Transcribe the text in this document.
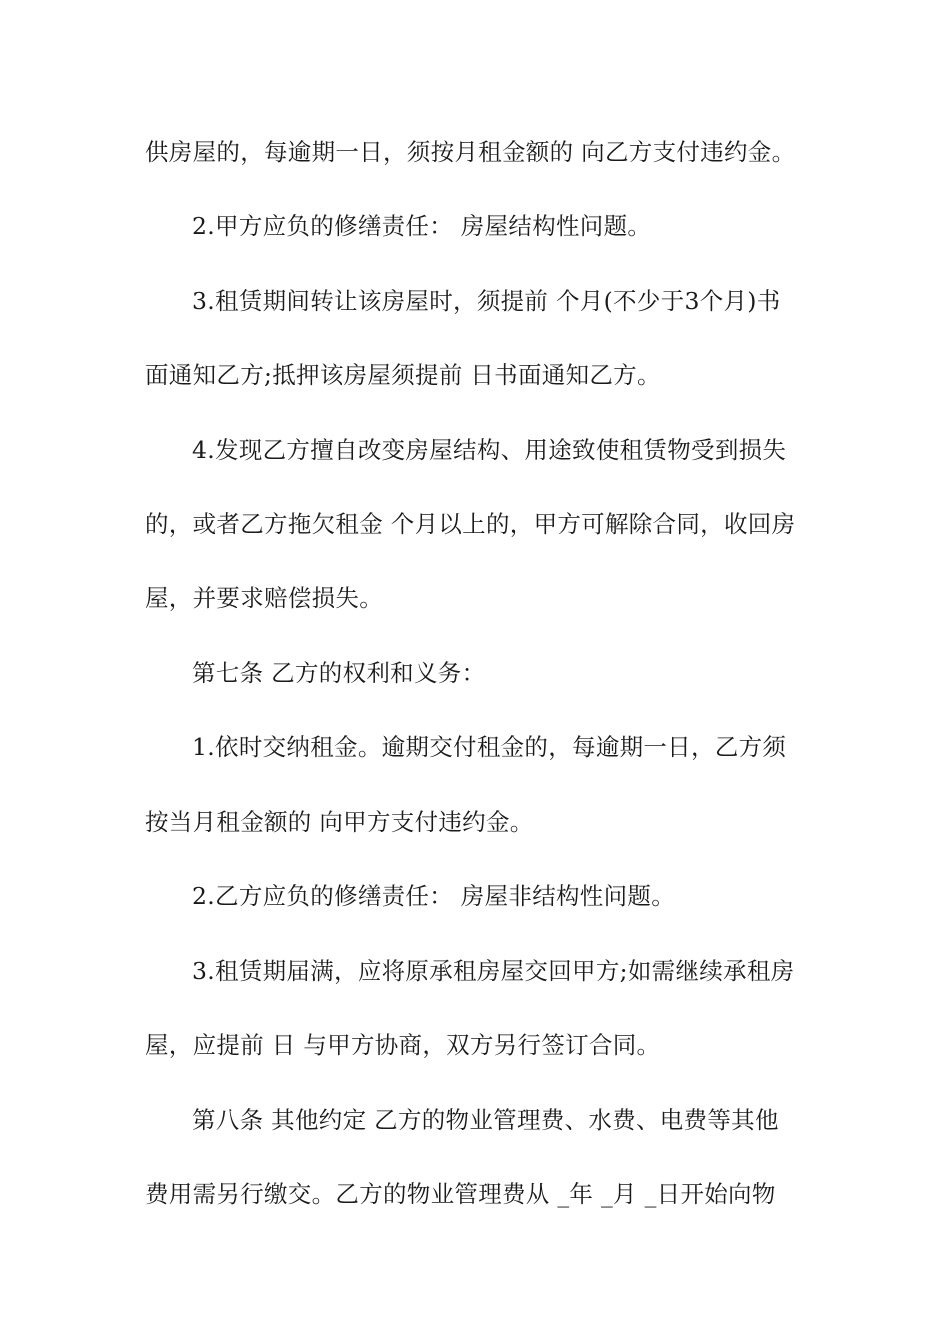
供房屋的，每逾期一日，须按月租金额的 向乙方支付违约金。
2.甲方应负的修缮责任： 房屋结构性问题。
3.租赁期间转让该房屋时，须提前 个月(不少于3个月)书
面通知乙方;抵押该房屋须提前 日书面通知乙方。
4.发现乙方擅自改变房屋结构、用途致使租赁物受到损失
的，或者乙方拖欠租金 个月以上的，甲方可解除合同，收回房
屋，并要求赔偿损失。
第七条 乙方的权利和义务：
1.依时交纳租金。逾期交付租金的，每逾期一日，乙方须
按当月租金额的 向甲方支付违约金。
2.乙方应负的修缮责任： 房屋非结构性问题。
3.租赁期届满，应将原承租房屋交回甲方;如需继续承租房
屋，应提前 日 与甲方协商，双方另行签订合同。
第八条 其他约定 乙方的物业管理费、水费、电费等其他
费用需另行缴交。乙方的物业管理费从 _年 _月 _日开始向物
